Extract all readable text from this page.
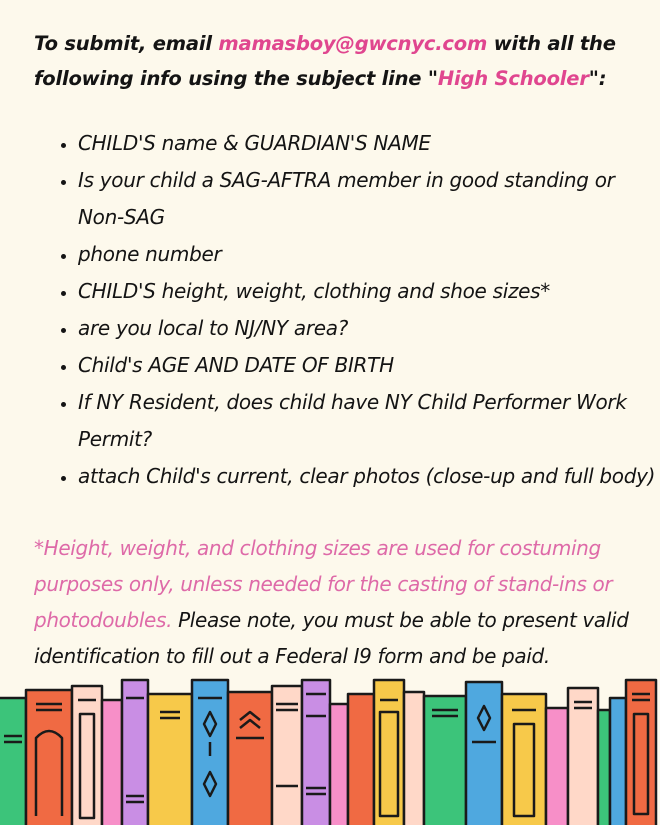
To submit, email mamasboy@gwcnyc.com with all the following info using the subject line "High Schooler":
• CHILD'S name & GUARDIAN'S NAME
• Is your child a SAG-AFTRA member in good standing or Non-SAG
• phone number
• CHILD'S height, weight, clothing and shoe sizes*
• are you local to NJ/NY area?
• Child's AGE AND DATE OF BIRTH
• If NY Resident, does child have NY Child Performer Work Permit?
• attach Child's current, clear photos (close-up and full body)
*Height, weight, and clothing sizes are used for costuming purposes only, unless needed for the casting of stand-ins or photodoubles. Please note, you must be able to present valid identification to fill out a Federal I9 form and be paid.
